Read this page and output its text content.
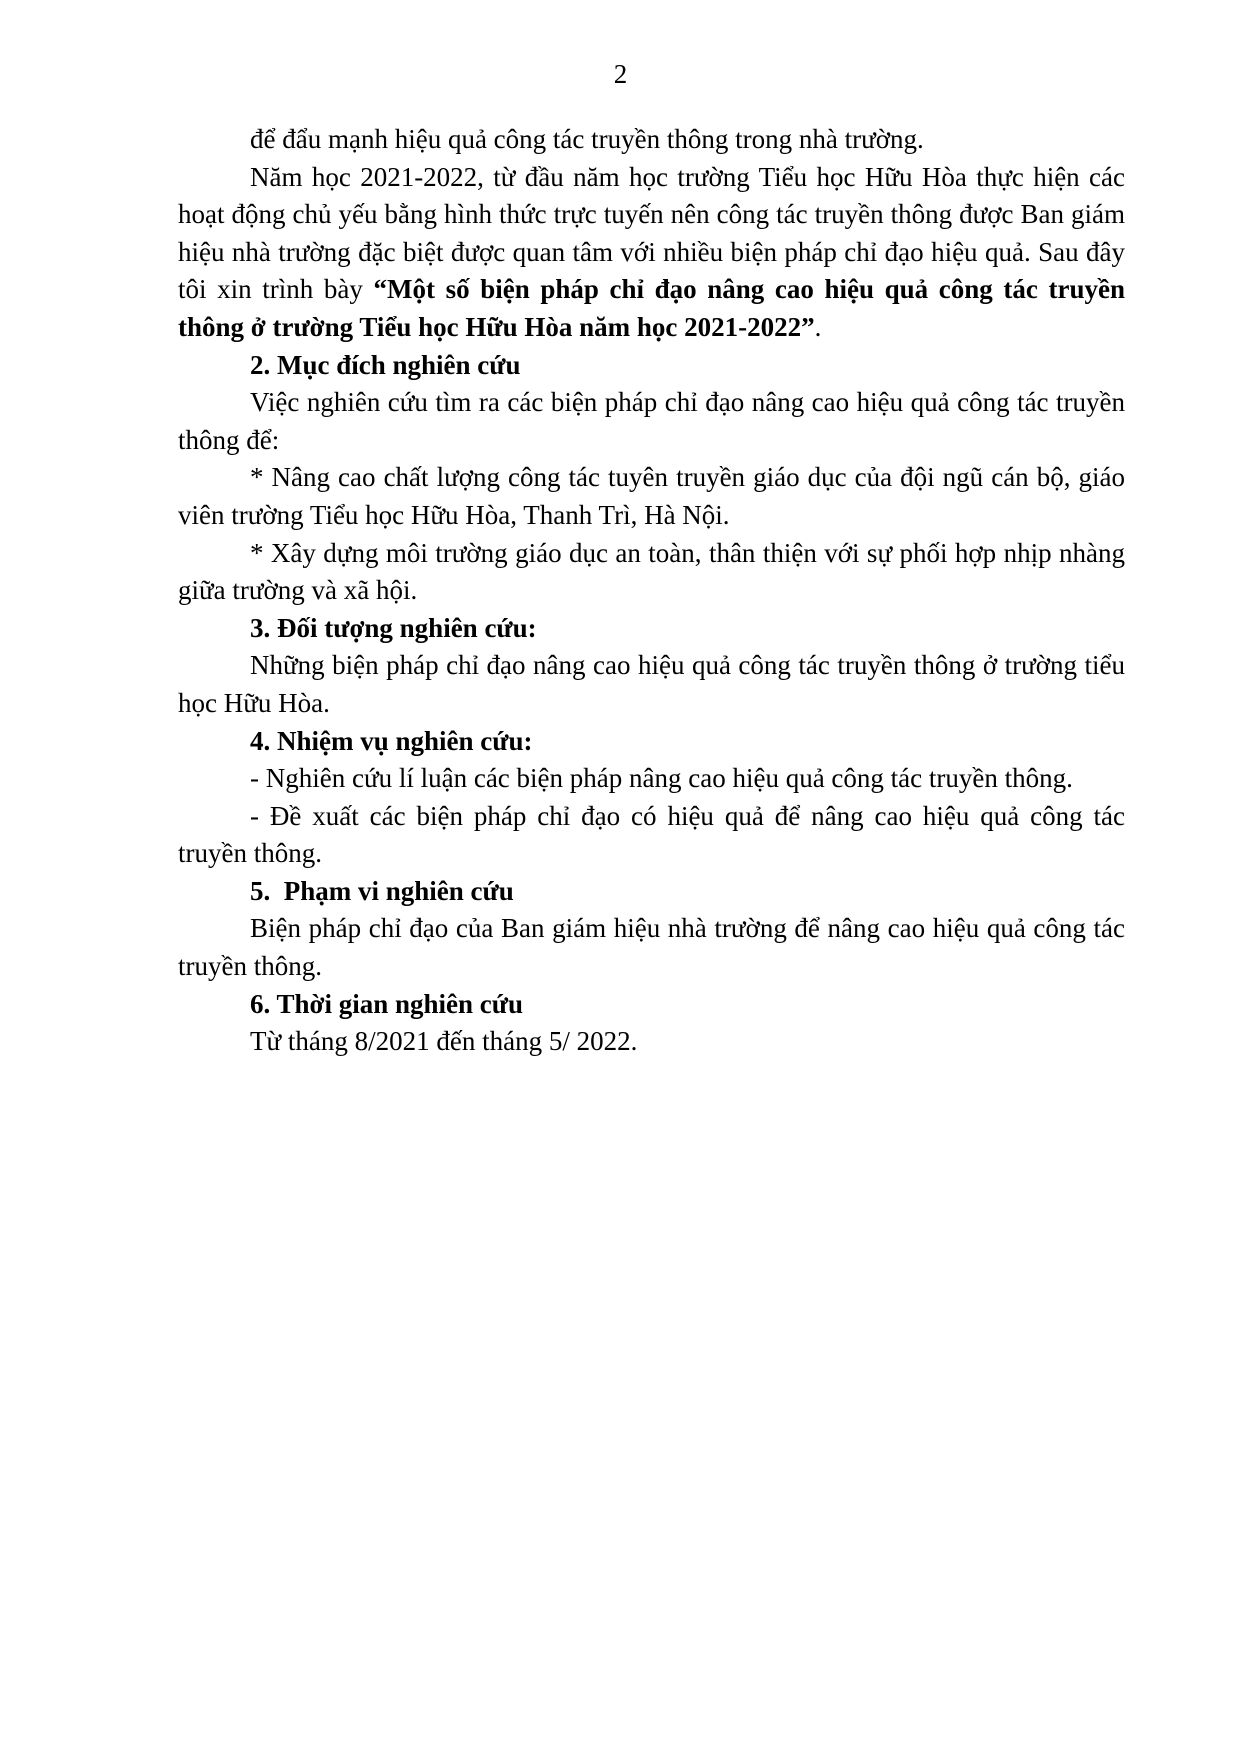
2

để đẩu mạnh hiệu quả công tác truyền thông trong nhà trường.

Năm học 2021-2022, từ đầu năm học trường Tiểu học Hữu Hòa thực hiện các hoạt động chủ yếu bằng hình thức trực tuyến nên công tác truyền thông được Ban giám hiệu nhà trường đặc biệt được quan tâm với nhiều biện pháp chỉ đạo hiệu quả. Sau đây tôi xin trình bày “Một số biện pháp chỉ đạo nâng cao hiệu quả công tác truyền thông ở trường Tiểu học Hữu Hòa năm học 2021-2022”.

2. Mục đích nghiên cứu

Việc nghiên cứu tìm ra các biện pháp chỉ đạo nâng cao hiệu quả công tác truyền thông để:

* Nâng cao chất lượng công tác tuyên truyền giáo dục của đội ngũ cán bộ, giáo viên trường Tiểu học Hữu Hòa, Thanh Trì, Hà Nội.

* Xây dựng môi trường giáo dục an toàn, thân thiện với sự phối hợp nhịp nhàng giữa trường và xã hội.

3. Đối tượng nghiên cứu:

Những biện pháp chỉ đạo nâng cao hiệu quả công tác truyền thông ở trường tiểu học Hữu Hòa.

4. Nhiệm vụ nghiên cứu:

- Nghiên cứu lí luận các biện pháp nâng cao hiệu quả công tác truyền thông.

- Đề xuất các biện pháp chỉ đạo có hiệu quả để nâng cao hiệu quả công tác truyền thông.

5.  Phạm vi nghiên cứu

Biện pháp chỉ đạo của Ban giám hiệu nhà trường để nâng cao hiệu quả công tác truyền thông.

6. Thời gian nghiên cứu

Từ tháng 8/2021 đến tháng 5/ 2022.
